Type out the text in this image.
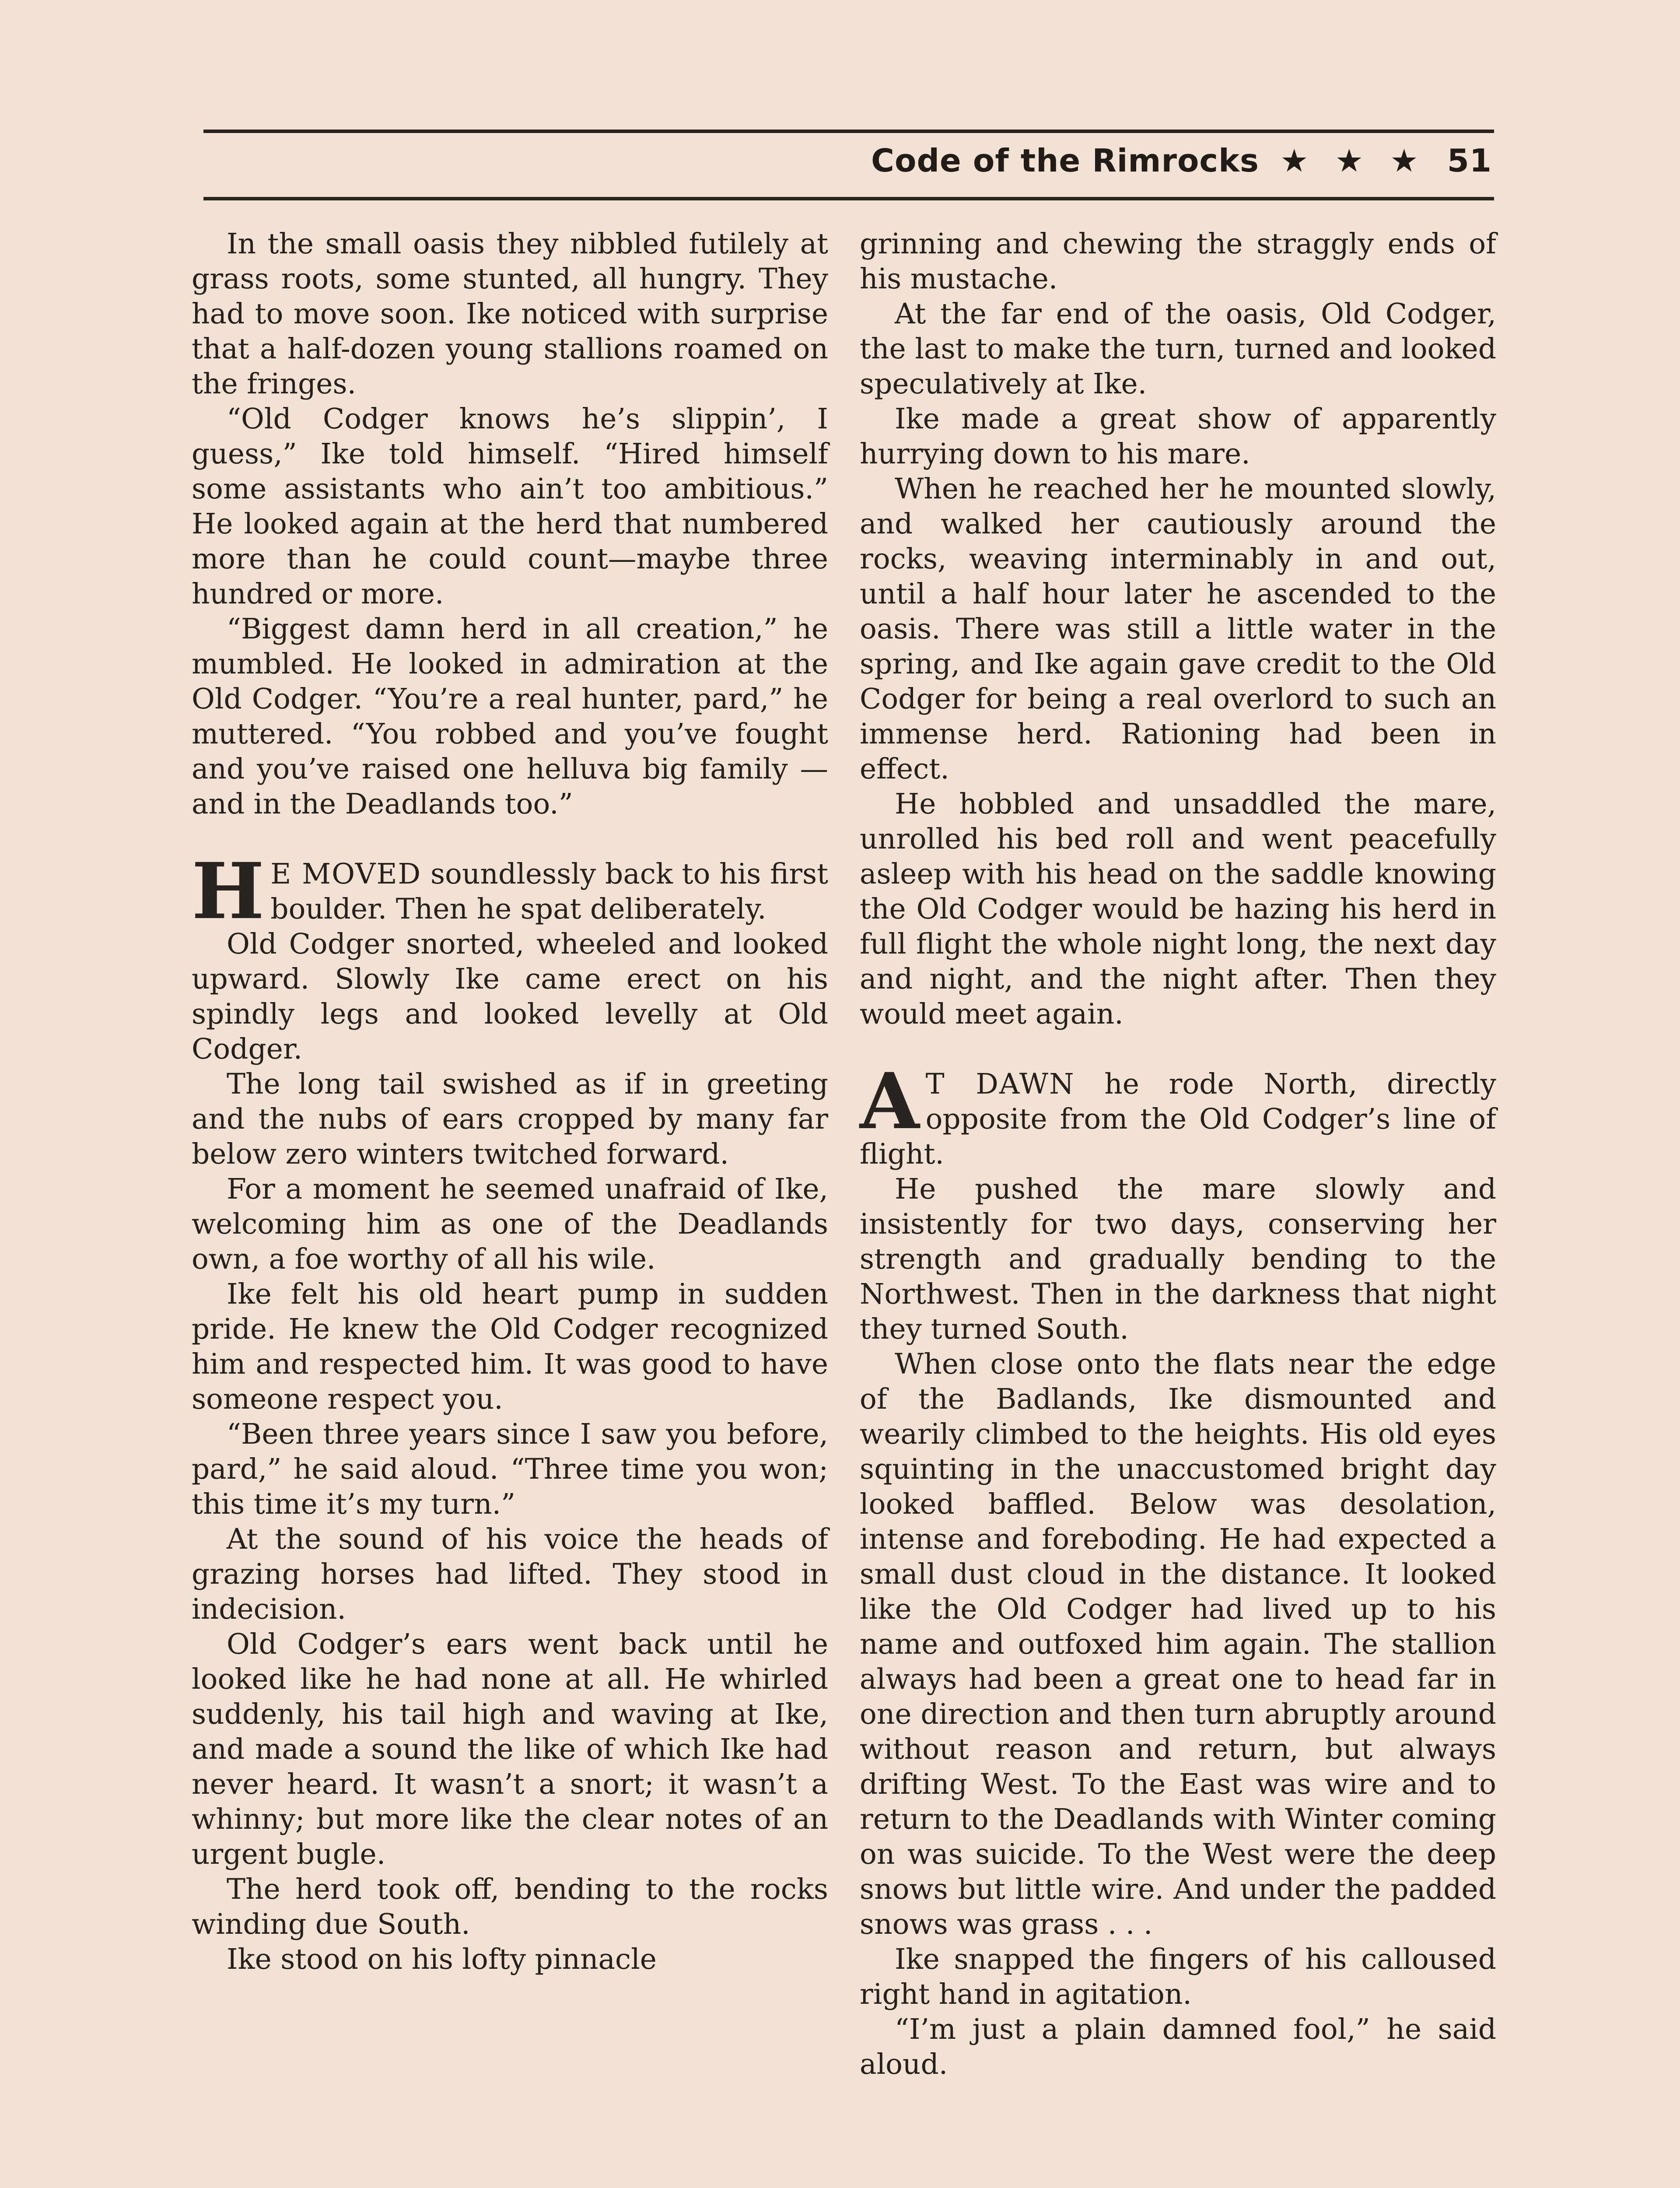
Code of the Rimrocks ★ ★ ★ 51

In the small oasis they nibbled futilely at grass roots, some stunted, all hungry. They had to move soon. Ike noticed with surprise that a half-dozen young stallions roamed on the fringes.

“Old Codger knows he’s slippin’, I guess,” Ike told himself. “Hired himself some assistants who ain’t too ambitious.” He looked again at the herd that numbered more than he could count—maybe three hundred or more.

“Biggest damn herd in all creation,” he mumbled. He looked in admiration at the Old Codger. “You’re a real hunter, pard,” he muttered. “You robbed and you’ve fought and you’ve raised one helluva big family —and in the Deadlands too.”

HE MOVED soundlessly back to his first boulder. Then he spat deliberately.

Old Codger snorted, wheeled and looked upward. Slowly Ike came erect on his spindly legs and looked levelly at Old Codger.

The long tail swished as if in greeting and the nubs of ears cropped by many far below zero winters twitched forward.

For a moment he seemed unafraid of Ike, welcoming him as one of the Deadlands own, a foe worthy of all his wile.

Ike felt his old heart pump in sudden pride. He knew the Old Codger recognized him and respected him. It was good to have someone respect you.

“Been three years since I saw you before, pard,” he said aloud. “Three time you won; this time it’s my turn.”

At the sound of his voice the heads of grazing horses had lifted. They stood in indecision.

Old Codger’s ears went back until he looked like he had none at all. He whirled suddenly, his tail high and waving at Ike, and made a sound the like of which Ike had never heard. It wasn’t a snort; it wasn’t a whinny; but more like the clear notes of an urgent bugle.

The herd took off, bending to the rocks winding due South.

Ike stood on his lofty pinnacle

grinning and chewing the straggly ends of his mustache.

At the far end of the oasis, Old Codger, the last to make the turn, turned and looked speculatively at Ike.

Ike made a great show of apparently hurrying down to his mare.

When he reached her he mounted slowly, and walked her cautiously around the rocks, weaving interminably in and out, until a half hour later he ascended to the oasis. There was still a little water in the spring, and Ike again gave credit to the Old Codger for being a real overlord to such an immense herd. Rationing had been in effect.

He hobbled and unsaddled the mare, unrolled his bed roll and went peacefully asleep with his head on the saddle knowing the Old Codger would be hazing his herd in full flight the whole night long, the next day and night, and the night after. Then they would meet again.

AT DAWN he rode North, directly opposite from the Old Codger’s line of flight.

He pushed the mare slowly and insistently for two days, conserving her strength and gradually bending to the Northwest. Then in the darkness that night they turned South.

When close onto the flats near the edge of the Badlands, Ike dismounted and wearily climbed to the heights. His old eyes squinting in the unaccustomed bright day looked baffled. Below was desolation, intense and foreboding. He had expected a small dust cloud in the distance. It looked like the Old Codger had lived up to his name and outfoxed him again. The stallion always had been a great one to head far in one direction and then turn abruptly around without reason and return, but always drifting West. To the East was wire and to return to the Deadlands with Winter coming on was suicide. To the West were the deep snows but little wire. And under the padded snows was grass . . .

Ike snapped the fingers of his calloused right hand in agitation.

“I’m just a plain damned fool,” he said aloud.
